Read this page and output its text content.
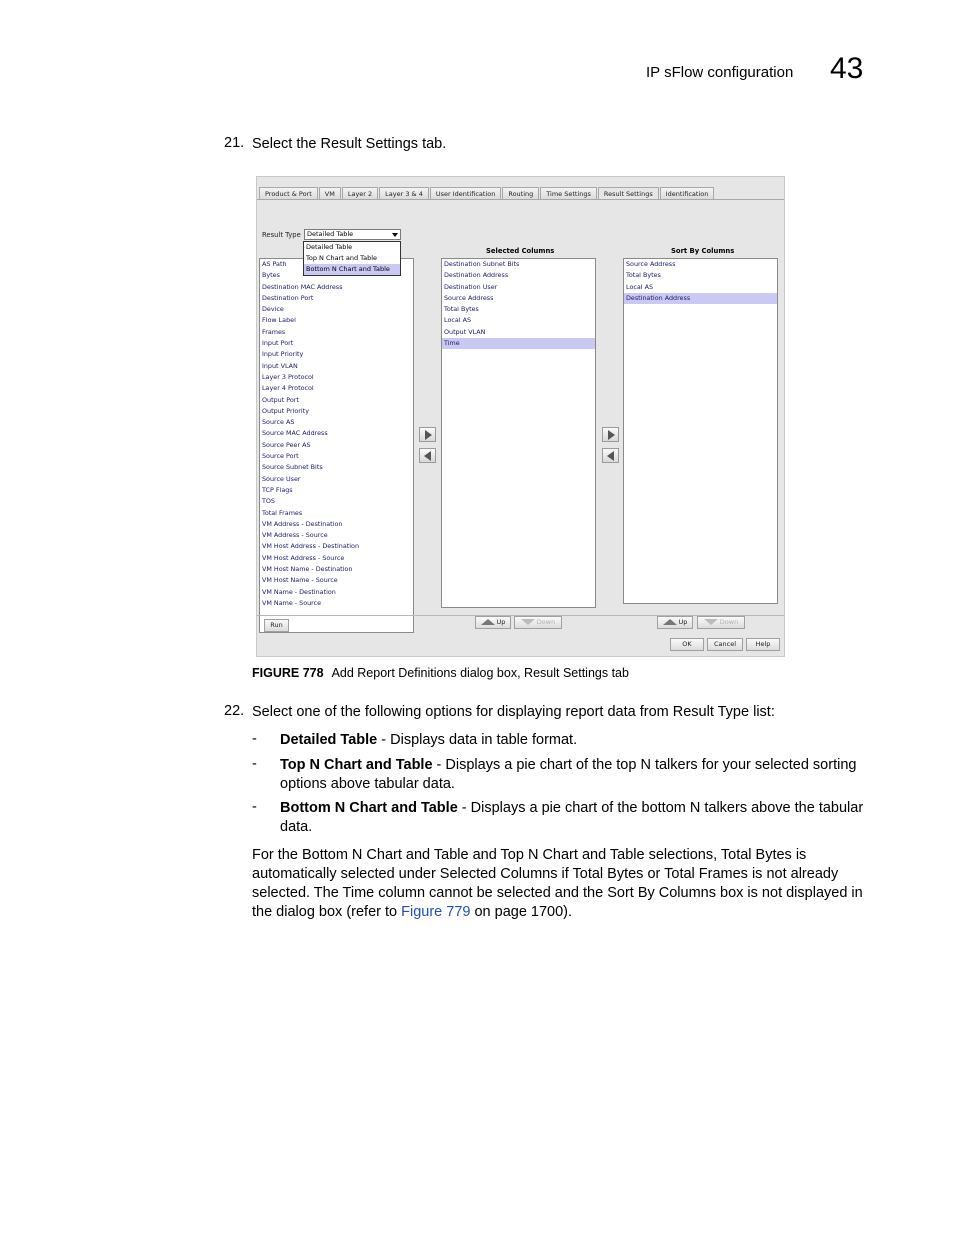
IP sFlow configuration 43
21. Select the Result Settings tab.
Product & Port	VM	Layer 2	Layer 3 & 4	User Identification	Routing	Time Settings	Result Settings	Identification
Result Type Detailed Table
Detailed Table
Top N Chart and Table
Bottom N Chart and Table
AS Path
Bytes
Destination MAC Address
Destination Port
Device
Flow Label
Frames
Input Port
Input Priority
Input VLAN
Layer 3 Protocol
Layer 4 Protocol
Output Port
Output Priority
Source AS
Source MAC Address
Source Peer AS
Source Port
Source Subnet Bits
Source User
TCP Flags
TOS
Total Frames
VM Address - Destination
VM Address - Source
VM Host Address - Destination
VM Host Address - Source
VM Host Name - Destination
VM Host Name - Source
VM Name - Destination
VM Name - Source
Selected Columns
Destination Subnet Bits
Destination Address
Destination User
Source Address
Total Bytes
Local AS
Output VLAN
Time
Sort By Columns
Source Address
Total Bytes
Local AS
Destination Address
Up	Down	Up	Down
Run
OK	Cancel	Help
FIGURE 778 Add Report Definitions dialog box, Result Settings tab
22. Select one of the following options for displaying report data from Result Type list:
- Detailed Table - Displays data in table format.
- Top N Chart and Table - Displays a pie chart of the top N talkers for your selected sorting options above tabular data.
- Bottom N Chart and Table - Displays a pie chart of the bottom N talkers above the tabular data.
For the Bottom N Chart and Table and Top N Chart and Table selections, Total Bytes is automatically selected under Selected Columns if Total Bytes or Total Frames is not already selected. The Time column cannot be selected and the Sort By Columns box is not displayed in the dialog box (refer to Figure 779 on page 1700).
